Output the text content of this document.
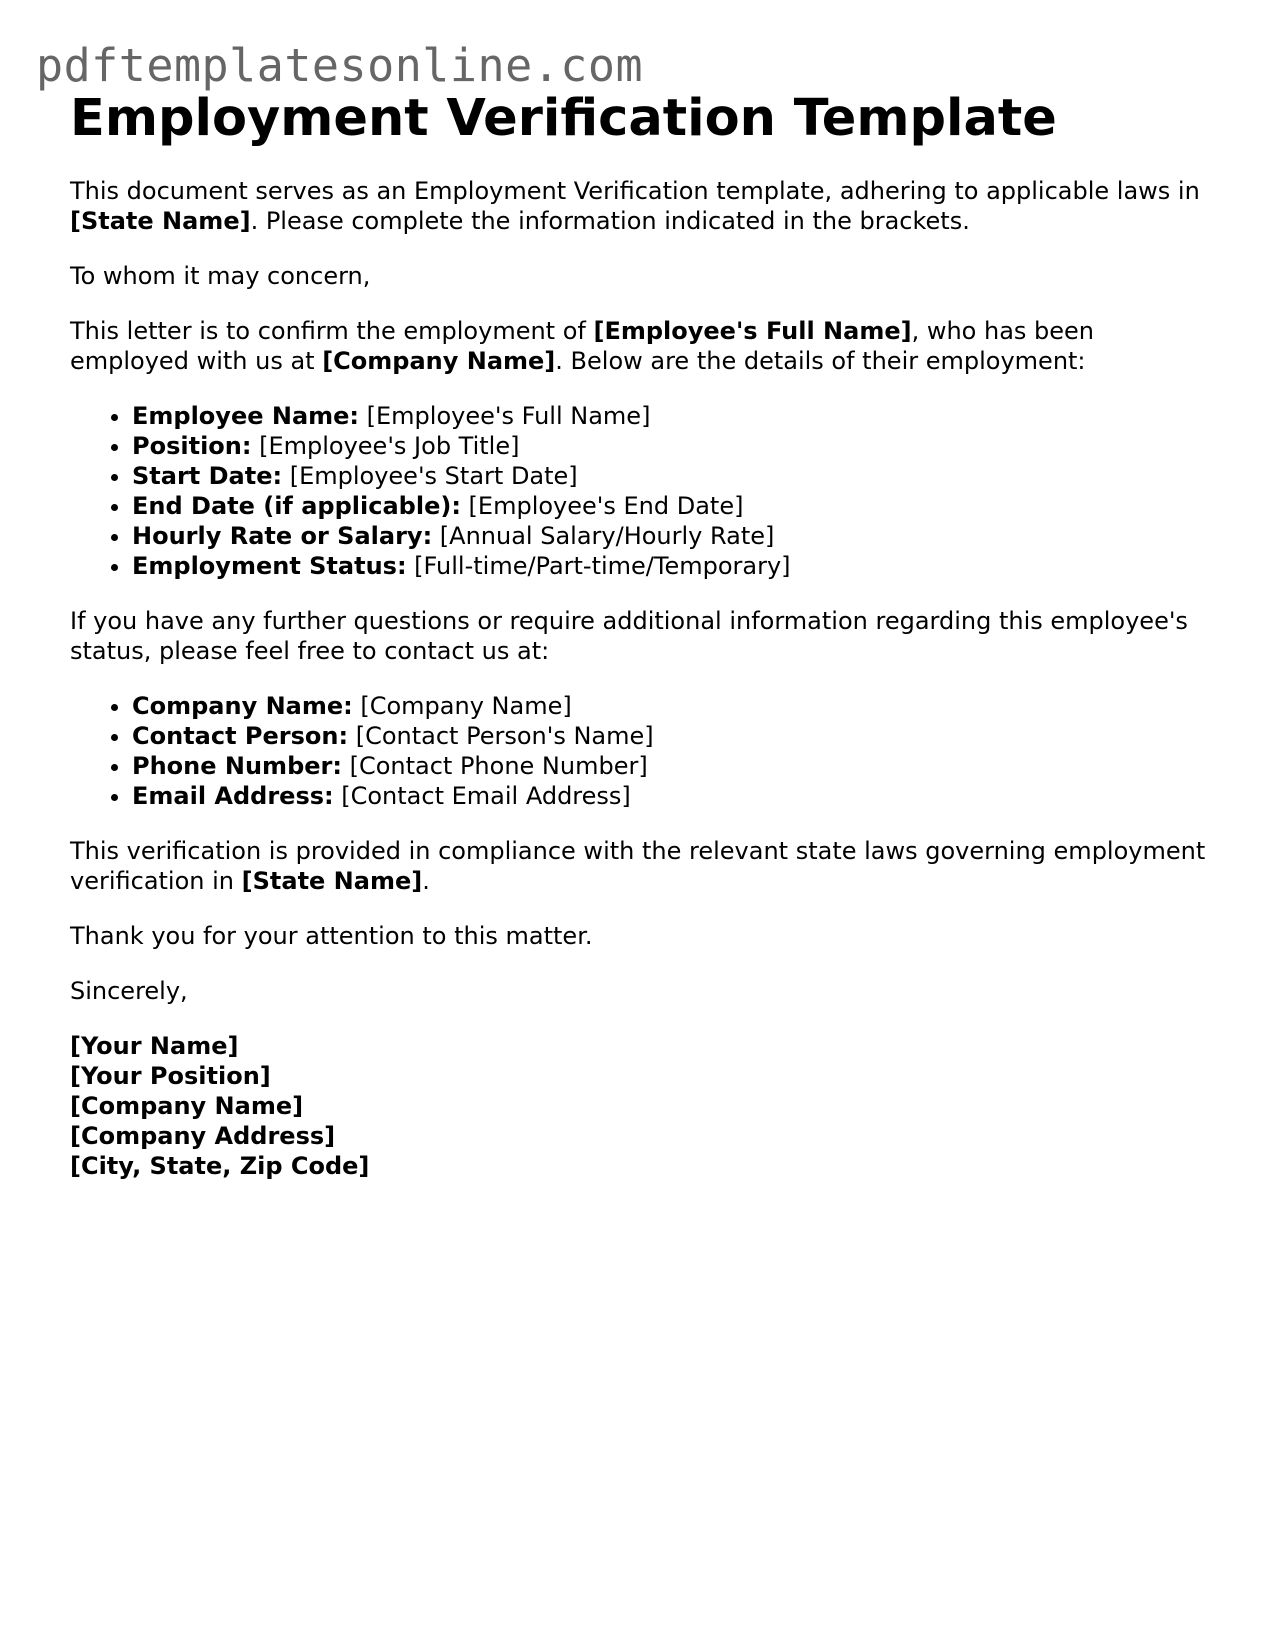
pdftemplatesonline.com
Employment Verification Template

This document serves as an Employment Verification template, adhering to applicable laws in [State Name]. Please complete the information indicated in the brackets.

To whom it may concern,

This letter is to confirm the employment of [Employee's Full Name], who has been employed with us at [Company Name]. Below are the details of their employment:

• Employee Name: [Employee's Full Name]
• Position: [Employee's Job Title]
• Start Date: [Employee's Start Date]
• End Date (if applicable): [Employee's End Date]
• Hourly Rate or Salary: [Annual Salary/Hourly Rate]
• Employment Status: [Full-time/Part-time/Temporary]

If you have any further questions or require additional information regarding this employee's status, please feel free to contact us at:

• Company Name: [Company Name]
• Contact Person: [Contact Person's Name]
• Phone Number: [Contact Phone Number]
• Email Address: [Contact Email Address]

This verification is provided in compliance with the relevant state laws governing employment verification in [State Name].

Thank you for your attention to this matter.

Sincerely,

[Your Name]
[Your Position]
[Company Name]
[Company Address]
[City, State, Zip Code]
